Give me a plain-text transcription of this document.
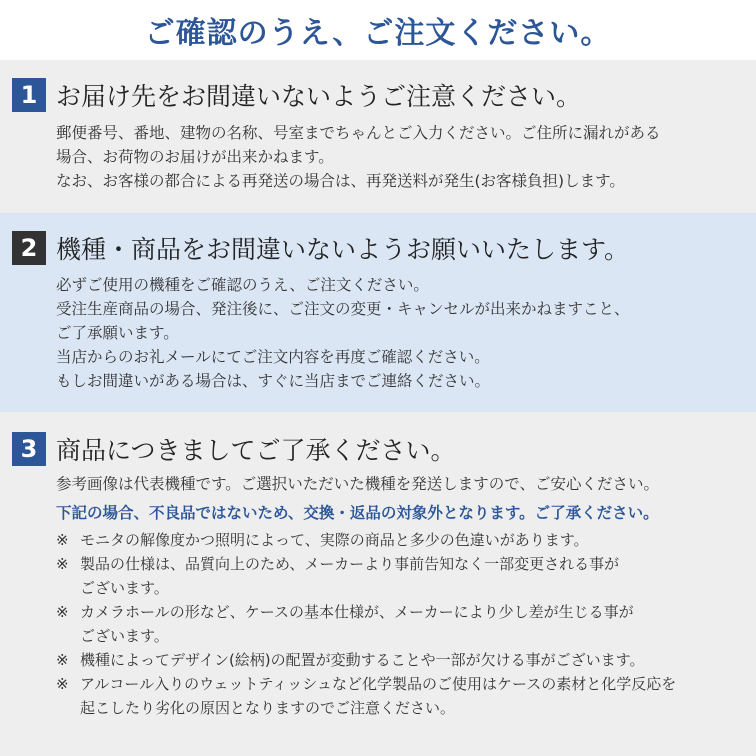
ご確認のうえ、ご注文ください。
1 お届け先をお間違いないようご注意ください。
郵便番号、番地、建物の名称、号室までちゃんとご入力ください。ご住所に漏れがある
場合、お荷物のお届けが出来かねます。
なお、お客様の都合による再発送の場合は、再発送料が発生(お客様負担)します。
2 機種・商品をお間違いないようお願いいたします。
必ずご使用の機種をご確認のうえ、ご注文ください。
受注生産商品の場合、発注後に、ご注文の変更・キャンセルが出来かねますこと、
ご了承願います。
当店からのお礼メールにてご注文内容を再度ご確認ください。
もしお間違いがある場合は、すぐに当店までご連絡ください。
3 商品につきましてご了承ください。
参考画像は代表機種です。ご選択いただいた機種を発送しますので、ご安心ください。
下記の場合、不良品ではないため、交換・返品の対象外となります。ご了承ください。
※ モニタの解像度かつ照明によって、実際の商品と多少の色違いがあります。
※ 製品の仕様は、品質向上のため、メーカーより事前告知なく一部変更される事が
ございます。
※ カメラホールの形など、ケースの基本仕様が、メーカーにより少し差が生じる事が
ございます。
※ 機種によってデザイン(絵柄)の配置が変動することや一部が欠ける事がございます。
※ アルコール入りのウェットティッシュなど化学製品のご使用はケースの素材と化学反応を
起こしたり劣化の原因となりますのでご注意ください。
